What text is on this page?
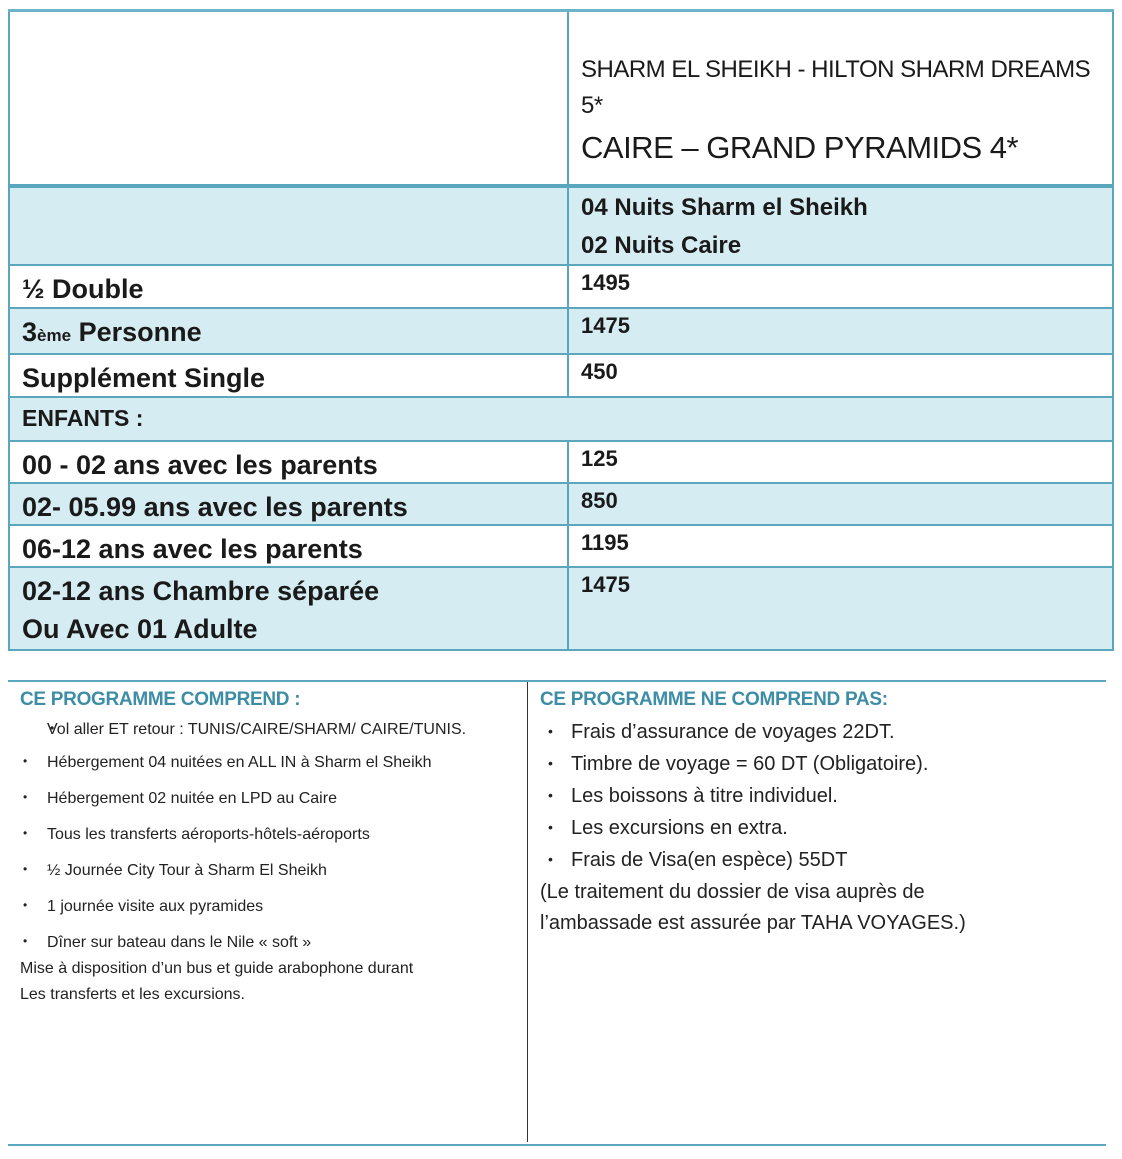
	SHARM EL SHEIKH - HILTON SHARM DREAMS 5*
CAIRE – GRAND PYRAMIDS 4*

	04 Nuits Sharm el Sheikh
02 Nuits Caire

½ Double	1495

3ème Personne	1475

Supplément Single	450

ENFANTS :	

00 - 02 ans avec les parents	125

02- 05.99 ans avec les parents	850

06-12 ans avec les parents	1195

02-12 ans Chambre séparée
Ou Avec 01 Adulte	1475
CE PROGRAMME COMPREND :
• Vol aller ET retour : TUNIS/CAIRE/SHARM/ CAIRE/TUNIS.
• Hébergement 04 nuitées en ALL IN à Sharm el Sheikh
• Hébergement 02 nuitée en LPD au Caire
• Tous les transferts aéroports-hôtels-aéroports
• ½ Journée City Tour à Sharm El Sheikh
• 1 journée visite aux pyramides
• Dîner sur bateau dans le Nile « soft »
Mise à disposition d’un bus et guide arabophone durant
Les transferts et les excursions.
CE PROGRAMME NE COMPREND PAS:
• Frais d’assurance de voyages 22DT.
• Timbre de voyage = 60 DT (Obligatoire).
• Les boissons à titre individuel.
• Les excursions en extra.
• Frais de Visa(en espèce) 55DT
(Le traitement du dossier de visa auprès de
l’ambassade est assurée par TAHA VOYAGES.)
